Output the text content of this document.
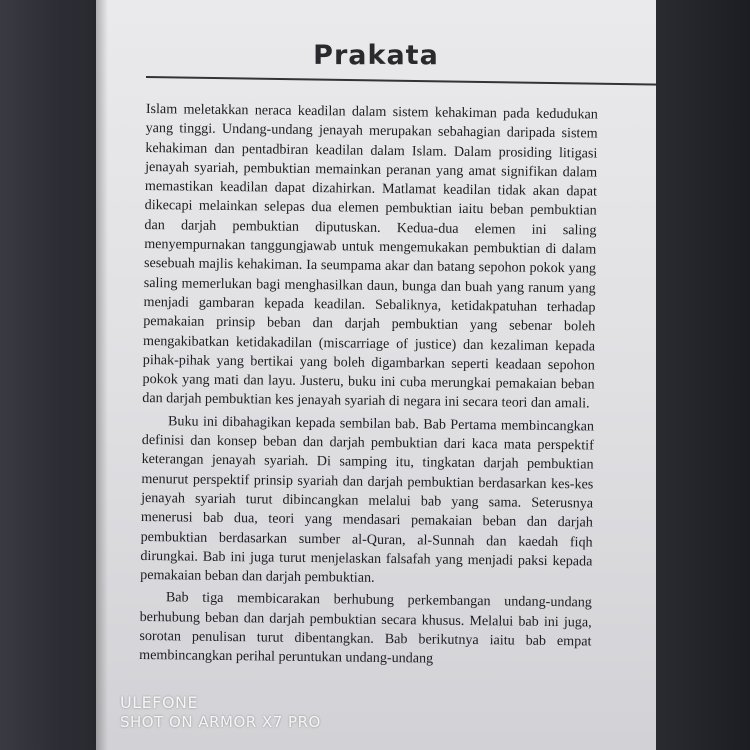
Prakata

Islam meletakkan neraca keadilan dalam sistem kehakiman pada kedudukan yang tinggi. Undang-undang jenayah merupakan sebahagian daripada sistem kehakiman dan pentadbiran keadilan dalam Islam. Dalam prosiding litigasi jenayah syariah, pembuktian memainkan peranan yang amat signifikan dalam memastikan keadilan dapat dizahirkan. Matlamat keadilan tidak akan dapat dikecapi melainkan selepas dua elemen pembuktian iaitu beban pembuktian dan darjah pembuktian diputuskan. Kedua-dua elemen ini saling menyempurnakan tanggungjawab untuk mengemukakan pembuktian di dalam sesebuah majlis kehakiman. Ia seumpama akar dan batang sepohon pokok yang saling memerlukan bagi menghasilkan daun, bunga dan buah yang ranum yang menjadi gambaran kepada keadilan. Sebaliknya, ketidakpatuhan terhadap pemakaian prinsip beban dan darjah pembuktian yang sebenar boleh mengakibatkan ketidakadilan (miscarriage of justice) dan kezaliman kepada pihak-pihak yang bertikai yang boleh digambarkan seperti keadaan sepohon pokok yang mati dan layu. Justeru, buku ini cuba merungkai pemakaian beban dan darjah pembuktian kes jenayah syariah di negara ini secara teori dan amali.

Buku ini dibahagikan kepada sembilan bab. Bab Pertama membincangkan definisi dan konsep beban dan darjah pembuktian dari kaca mata perspektif keterangan jenayah syariah. Di samping itu, tingkatan darjah pembuktian menurut perspektif prinsip syariah dan darjah pembuktian berdasarkan kes-kes jenayah syariah turut dibincangkan melalui bab yang sama. Seterusnya menerusi bab dua, teori yang mendasari pemakaian beban dan darjah pembuktian berdasarkan sumber al-Quran, al-Sunnah dan kaedah fiqh dirungkai. Bab ini juga turut menjelaskan falsafah yang menjadi paksi kepada pemakaian beban dan darjah pembuktian.

Bab tiga membicarakan berhubung perkembangan undang-undang berhubung beban dan darjah pembuktian secara khusus. Melalui bab ini juga, sorotan penulisan turut dibentangkan. Bab berikutnya iaitu bab empat membincangkan perihal peruntukan undang-undang

ULEFONE
SHOT ON ARMOR X7 PRO
